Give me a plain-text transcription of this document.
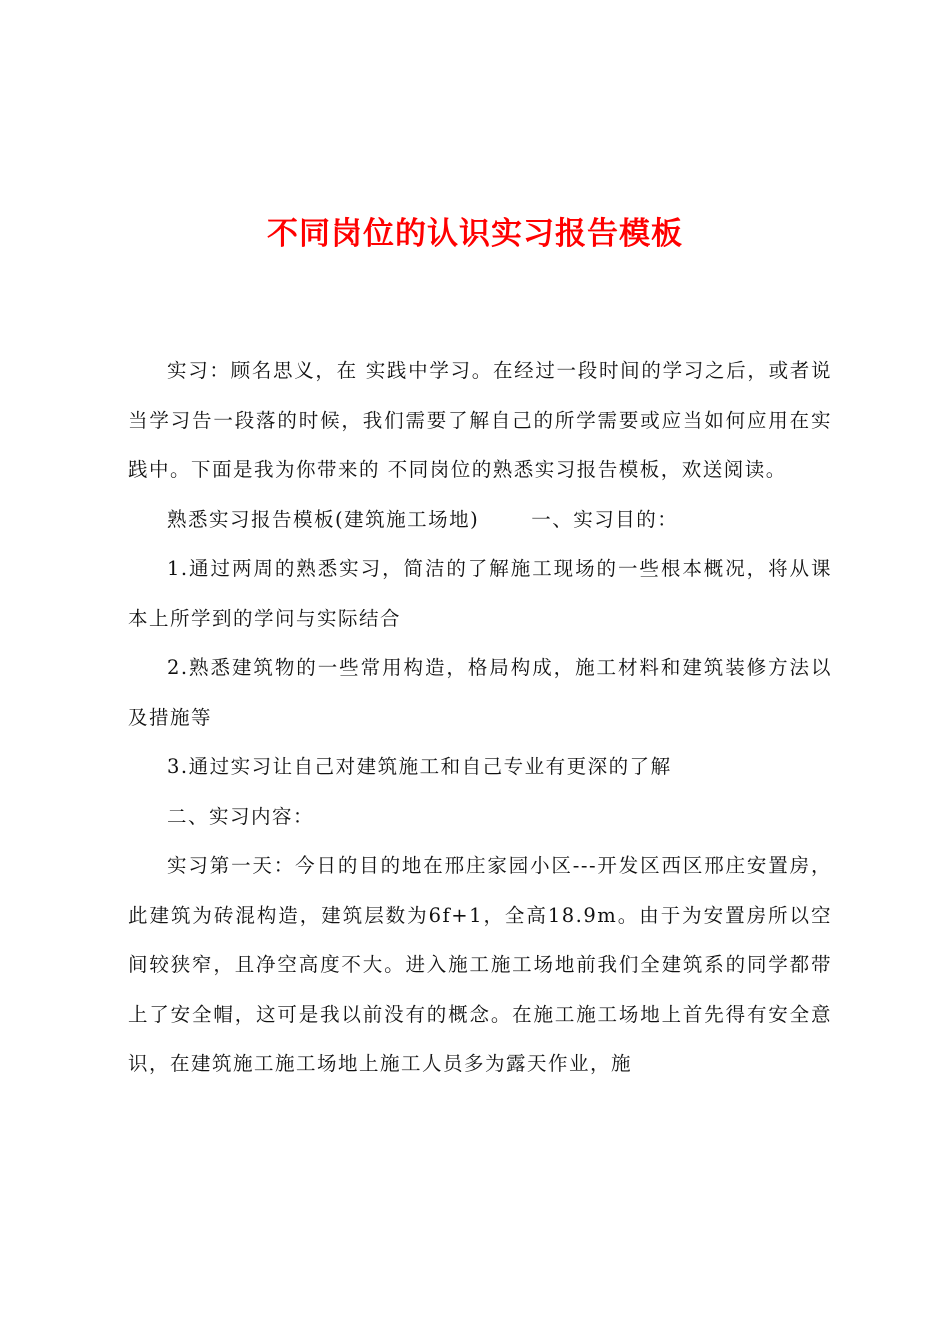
不同岗位的认识实习报告模板

实习：顾名思义，在 实践中学习。在经过一段时间的学习之后，或者说当学习告一段落的时候，我们需要了解自己的所学需要或应当如何应用在实践中。下面是我为你带来的 不同岗位的熟悉实习报告模板，欢送阅读。

熟悉实习报告模板(建筑施工场地)	一、实习目的：

1.通过两周的熟悉实习，简洁的了解施工现场的一些根本概况，将从课本上所学到的学问与实际结合

2.熟悉建筑物的一些常用构造，格局构成，施工材料和建筑装修方法以及措施等

3.通过实习让自己对建筑施工和自己专业有更深的了解

二、实习内容：

实习第一天：今日的目的地在邢庄家园小区---开发区西区邢庄安置房，此建筑为砖混构造，建筑层数为6f+1，全高18.9m。由于为安置房所以空间较狭窄，且净空高度不大。进入施工施工场地前我们全建筑系的同学都带上了安全帽，这可是我以前没有的概念。在施工施工场地上首先得有安全意识，在建筑施工施工场地上施工人员多为露天作业，施
